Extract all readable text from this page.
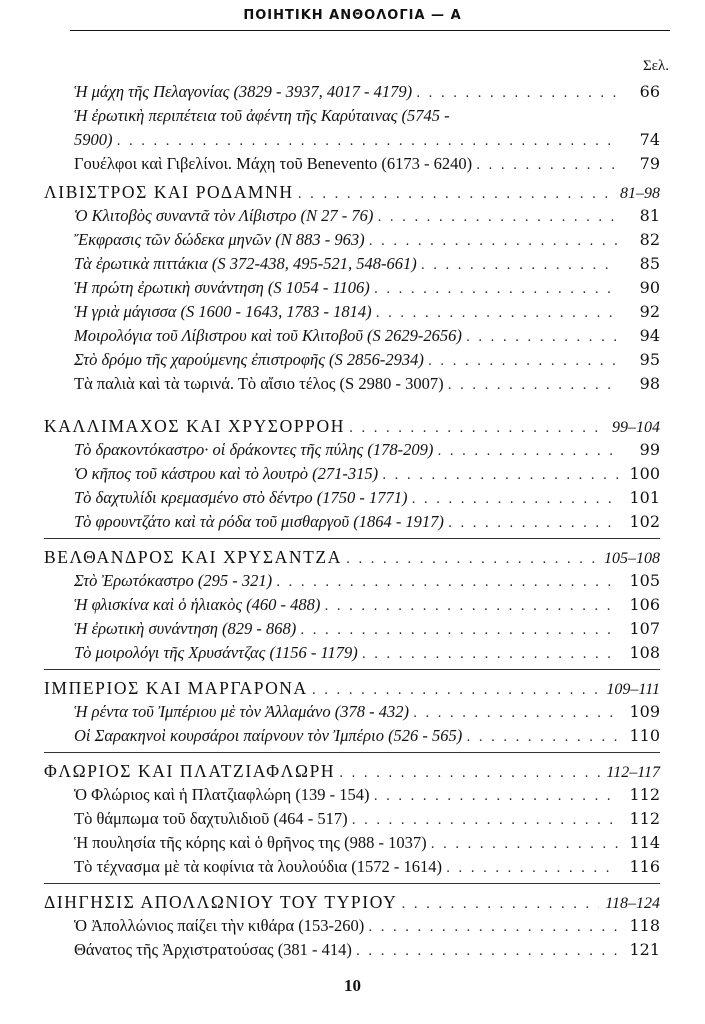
ΠΟΙΗΤΙΚΗ ΑΝΘΟΛΟΓΙΑ — Α
Σελ.
Ἡ μάχη τῆς Πελαγονίας (3829 - 3937, 4017 - 4179) . . .	66
Ἡ ἐρωτικὴ περιπέτεια τοῦ ἀφέντη τῆς Καρύταινας (5745 -
5900) . . .	74
Γουέλφοι καὶ Γιβελίνοι. Μάχη τοῦ Benevento (6173 - 6240) . . .	79
ΛΙΒΙΣΤΡΟΣ ΚΑΙ ΡΟΔΑΜΝΗ . . .	81–98
Ὁ Κλιτοβὸς συναντᾶ τὸν Λίβιστρο (N 27 - 76) . . .	81
Ἔκφρασις τῶν δώδεκα μηνῶν (N 883 - 963) . . .	82
Τὰ ἐρωτικὰ πιττάκια (S 372-438, 495-521, 548-661) . . .	85
Ἡ πρώτη ἐρωτικὴ συνάντηση (S 1054 - 1106) . . .	90
Ἡ γριὰ μάγισσα (S 1600 - 1643, 1783 - 1814) . . .	92
Μοιρολόγια τοῦ Λίβιστρου καὶ τοῦ Κλιτοβοῦ (S 2629-2656) . . .	94
Στὸ δρόμο τῆς χαρούμενης ἐπιστροφῆς (S 2856-2934) . . .	95
Τὰ παλιὰ καὶ τὰ τωρινά. Τὸ αἴσιο τέλος (S 2980 - 3007) . . .	98
ΚΑΛΛΙΜΑΧΟΣ ΚΑΙ ΧΡΥΣΟΡΡΟΗ . . .	99–104
Τὸ δρακοντόκαστρο· οἱ δράκοντες τῆς πύλης (178-209) . . .	99
Ὁ κῆπος τοῦ κάστρου καὶ τὸ λουτρὸ (271-315) . . .	100
Τὸ δαχτυλίδι κρεμασμένο στὸ δέντρο (1750 - 1771) . . .	101
Τὸ φρουντζάτο καὶ τὰ ρόδα τοῦ μισθαργοῦ (1864 - 1917) . . .	102
ΒΕΛΘΑΝΔΡΟΣ ΚΑΙ ΧΡΥΣΑΝΤΖΑ . . .	105–108
Στὸ Ἐρωτόκαστρο (295 - 321) . . .	105
Ἡ φλισκίνα καὶ ὁ ἡλιακὸς (460 - 488) . . .	106
Ἡ ἐρωτικὴ συνάντηση (829 - 868) . . .	107
Τὸ μοιρολόγι τῆς Χρυσάντζας (1156 - 1179) . . .	108
ΙΜΠΕΡΙΟΣ ΚΑΙ ΜΑΡΓΑΡΟΝΑ . . .	109–111
Ἡ ρέντα τοῦ Ἰμπέριου μὲ τὸν Ἀλλαμάνο (378 - 432) . . .	109
Οἱ Σαρακηνοὶ κουρσάροι παίρνουν τὸν Ἰμπέριο (526 - 565) . . .	110
ΦΛΩΡΙΟΣ ΚΑΙ ΠΛΑΤΖΙΑΦΛΩΡΗ . . .	112–117
Ὁ Φλώριος καὶ ἡ Πλατζιαφλώρη (139 - 154) . . .	112
Τὸ θάμπωμα τοῦ δαχτυλιδιοῦ (464 - 517) . . .	112
Ἡ πουλησία τῆς κόρης καὶ ὁ θρῆνος της (988 - 1037) . . .	114
Τὸ τέχνασμα μὲ τὰ κοφίνια τὰ λουλούδια (1572 - 1614) . . .	116
ΔΙΗΓΗΣΙΣ ΑΠΟΛΛΩΝΙΟΥ ΤΟΥ ΤΥΡΙΟΥ . . .	118–124
Ὁ Ἀπολλώνιος παίζει τὴν κιθάρα (153-260) . . .	118
Θάνατος τῆς Ἀρχιστρατούσας (381 - 414) . . .	121
10
